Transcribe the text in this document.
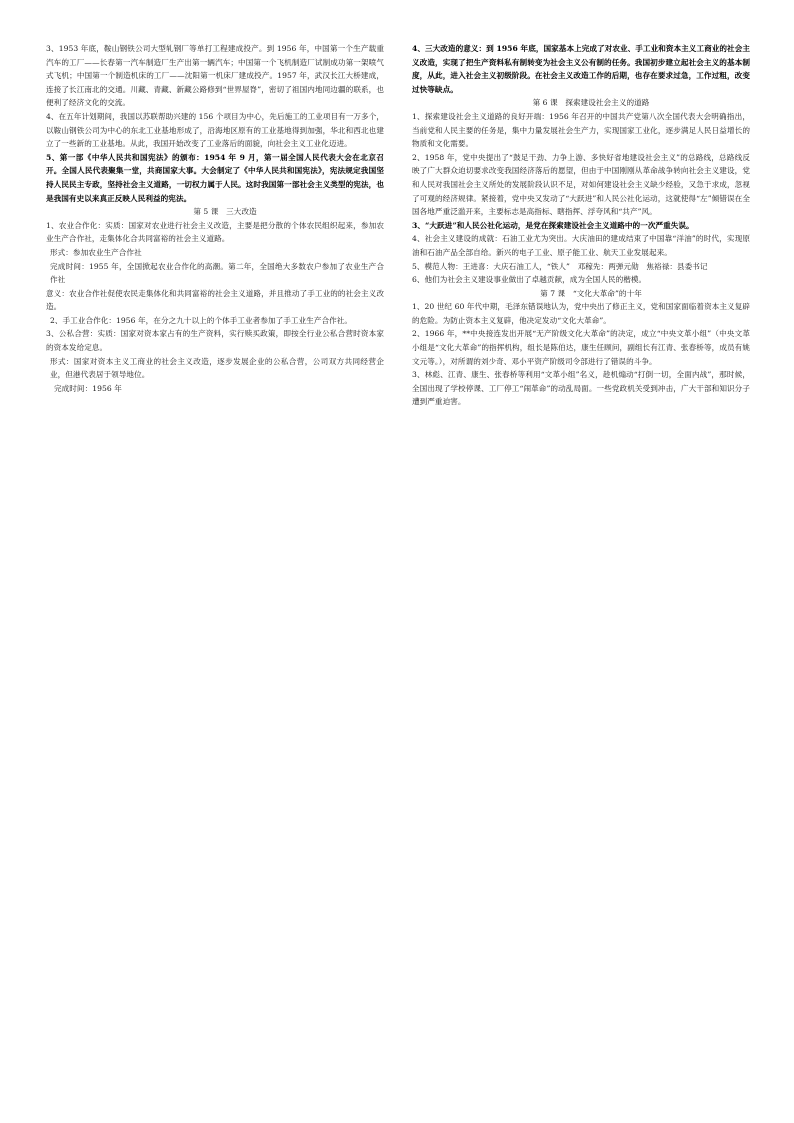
3、1953 年底，鞍山钢铁公司大型轧钢厂等单打工程建成投产。到 1956 年，中国第一个生产载重汽车的工厂——长春第一汽车制造厂生产出第一辆汽车；中国第一个飞机制造厂试制成功第一架喷气式飞机；中国第一个制造机床的工厂——沈阳第一机床厂建成投产。1957 年，武汉长江大桥建成，连接了长江南北的交通。川藏、青藏、新藏公路修到“世界屋脊”，密切了祖国内地同边疆的联系，也便利了经济文化的交流。

4、在五年计划期间，我国以苏联帮助兴建的 156 个项目为中心，先后施工的工业项目有一万多个，以鞍山钢铁公司为中心的东北工业基地形成了，沿海地区原有的工业基地得到加强，华北和西北也建立了一些新的工业基地。从此，我国开始改变了工业落后的面貌，向社会主义工业化迈进。

5、第一部《中华人民共和国宪法》的颁布：1954 年 9 月，第一届全国人民代表大会在北京召开。全国人民代表聚集一堂，共商国家大事。大会制定了《中华人民共和国宪法》，宪法规定我国坚持人民民主专政，坚持社会主义道路，一切权力属于人民。这时我国第一部社会主义类型的宪法，也是我国有史以来真正反映人民利益的宪法。

第 5 课　三大改造

1、农业合作化：实质：国家对农业进行社会主义改造，主要是把分散的个体农民组织起来，参加农业生产合作社，走集体化合共同富裕的社会主义道路。

形式：参加农业生产合作社

完成时间：1955 年，全国掀起农业合作化的高潮。第二年，全国绝大多数农户参加了农业生产合作社

意义：农业合作社促使农民走集体化和共同富裕的社会主义道路，并且推动了手工业的的社会主义改造。

2、手工业合作化：1956 年，在分之九十以上的个体手工业者参加了手工业生产合作社。

3、公私合营：实质：国家对资本家占有的生产资料，实行赎买政策，即按全行业公私合营时资本家的资本发给定息。

形式：国家对资本主义工商业的社会主义改造，逐步发展企业的公私合营，公司双方共同经营企业，但港代表居于领导地位。

完成时间：1956 年

4、三大改造的意义：到 1956 年底，国家基本上完成了对农业、手工业和资本主义工商业的社会主义改造，实现了把生产资料私有制转变为社会主义公有制的任务。我国初步建立起社会主义的基本制度，从此，进入社会主义初级阶段。在社会主义改造工作的后期，也存在要求过急，工作过粗，改变过快等缺点。

第 6 课　探索建设社会主义的道路

1、探索建设社会主义道路的良好开端：1956 年召开的中国共产党第八次全国代表大会明确指出，当前党和人民主要的任务是，集中力量发展社会生产力，实现国家工业化，逐步满足人民日益增长的物质和文化需要。

2、1958 年，党中央提出了“鼓足干劲、力争上游、多快好省地建设社会主义”的总路线，总路线反映了广大群众迫切要求改变我国经济落后的愿望，但由于中国刚刚从革命战争转向社会主义建设，党和人民对我国社会主义所处的发展阶段认识不足，对如何建设社会主义缺少经验，又急于求成，忽视了可观的经济规律。紧接着，党中央又发动了“大跃进”和人民公社化运动，这就使得“左”倾错误在全国各地严重泛滥开来，主要标志是高指标、瞎指挥、浮夸风和“共产”风。

3、“大跃进”和人民公社化运动，是党在探索建设社会主义道路中的一次严重失误。

4、社会主义建设的成就：石油工业尤为突出。大庆油田的建成结束了中国靠“洋油”的时代，实现原油和石油产品全部自给。新兴的电子工业、原子能工业、航天工业发展起来。

5、模范人物：王进喜：大庆石油工人，“铁人”　邓稼先：两弹元勋　焦裕禄：县委书记

6、他们为社会主义建设事业做出了卓越贡献，成为全国人民的楷模。

第 7 课　“文化大革命”的十年

1、20 世纪 60 年代中期，毛泽东错误地认为，党中央出了修正主义，党和国家面临着资本主义复辟的危险。为防止资本主义复辟，他决定发动“文化大革命”。

2、1966 年，**中央接连发出开展“无产阶级文化大革命”的决定，成立“中央文革小组”（中央文革小组是“文化大革命”的指挥机构，组长是陈伯达，康生任顾问，副组长有江青、张春桥等，成员有姚文元等。），对所谓的刘少奇、邓小平资产阶级司令部进行了错误的斗争。

3、林彪、江青、康生、张春桥等利用“文革小组”名义，趁机煽动“打倒一切，全面内战”，那时候，全国出现了学校停课、工厂停工“闹革命”的动乱局面。一些党政机关受到冲击，广大干部和知识分子遭到严重迫害。
